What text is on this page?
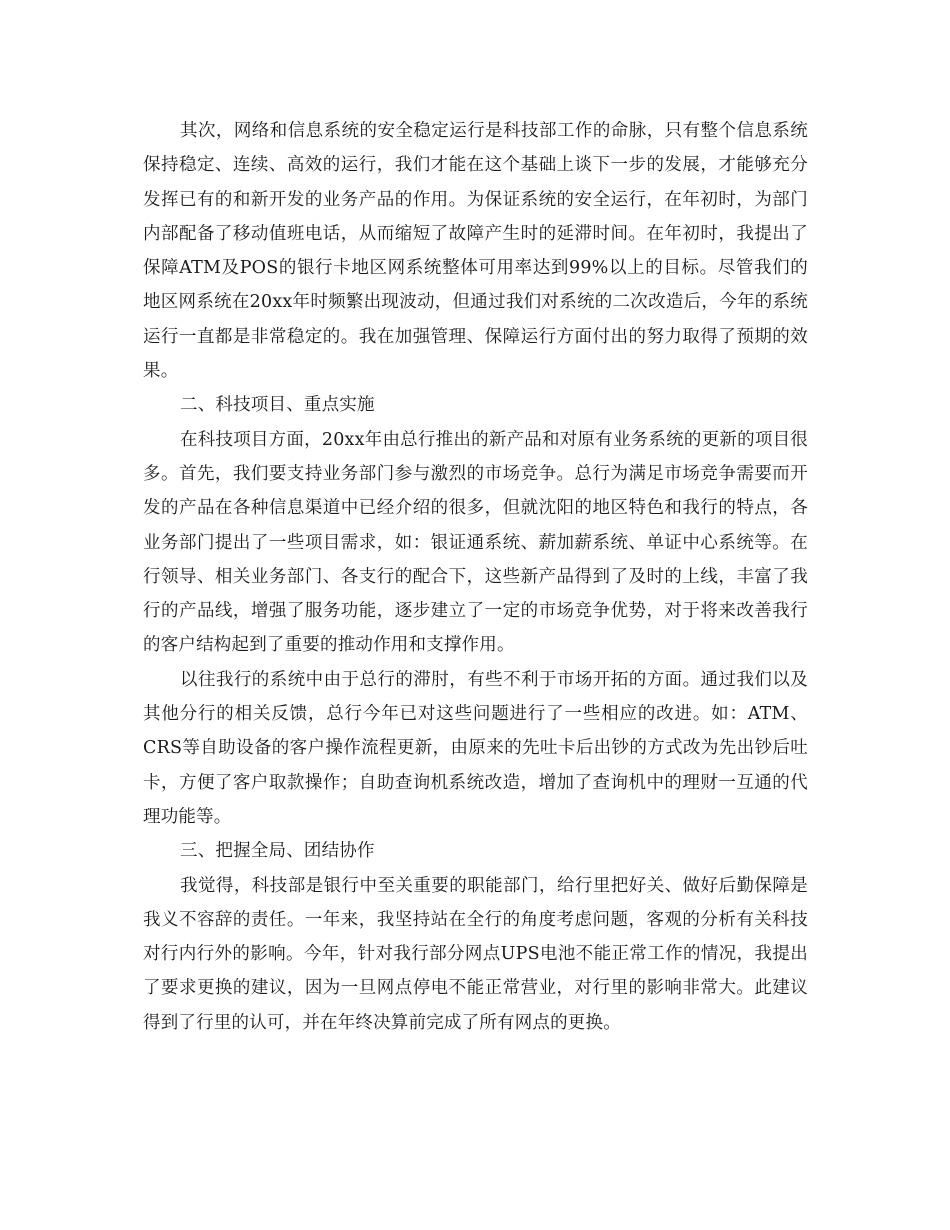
其次，网络和信息系统的安全稳定运行是科技部工作的命脉，只有整个信息系统保持稳定、连续、高效的运行，我们才能在这个基础上谈下一步的发展，才能够充分发挥已有的和新开发的业务产品的作用。为保证系统的安全运行，在年初时，为部门内部配备了移动值班电话，从而缩短了故障产生时的延滞时间。在年初时，我提出了保障ATM及POS的银行卡地区网系统整体可用率达到99%以上的目标。尽管我们的地区网系统在20xx年时频繁出现波动，但通过我们对系统的二次改造后，今年的系统运行一直都是非常稳定的。我在加强管理、保障运行方面付出的努力取得了预期的效果。

二、科技项目、重点实施

在科技项目方面，20xx年由总行推出的新产品和对原有业务系统的更新的项目很多。首先，我们要支持业务部门参与激烈的市场竞争。总行为满足市场竞争需要而开发的产品在各种信息渠道中已经介绍的很多，但就沈阳的地区特色和我行的特点，各业务部门提出了一些项目需求，如：银证通系统、薪加薪系统、单证中心系统等。在行领导、相关业务部门、各支行的配合下，这些新产品得到了及时的上线，丰富了我行的产品线，增强了服务功能，逐步建立了一定的市场竞争优势，对于将来改善我行的客户结构起到了重要的推动作用和支撑作用。

以往我行的系统中由于总行的滞肘，有些不利于市场开拓的方面。通过我们以及其他分行的相关反馈，总行今年已对这些问题进行了一些相应的改进。如：ATM、CRS等自助设备的客户操作流程更新，由原来的先吐卡后出钞的方式改为先出钞后吐卡，方便了客户取款操作；自助查询机系统改造，增加了查询机中的理财一互通的代理功能等。

三、把握全局、团结协作

我觉得，科技部是银行中至关重要的职能部门，给行里把好关、做好后勤保障是我义不容辞的责任。一年来，我坚持站在全行的角度考虑问题，客观的分析有关科技对行内行外的影响。今年，针对我行部分网点UPS电池不能正常工作的情况，我提出了要求更换的建议，因为一旦网点停电不能正常营业，对行里的影响非常大。此建议得到了行里的认可，并在年终决算前完成了所有网点的更换。
